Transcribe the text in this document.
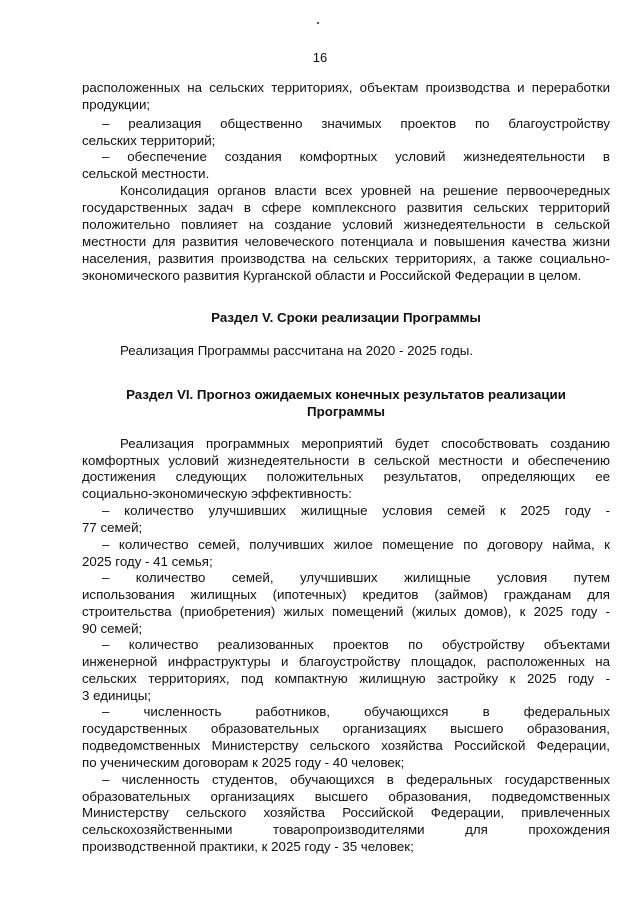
16

расположенных на сельских территориях, объектам производства и переработки

продукции;

– реализация общественно значимых проектов по благоустройству

сельских территорий;

– обеспечение создания комфортных условий жизнедеятельности в

сельской местности.

Консолидация органов власти всех уровней на решение первоочередных

государственных задач в сфере комплексного развития сельских территорий

положительно повлияет на создание условий жизнедеятельности в сельской

местности для развития человеческого потенциала и повышения качества жизни

населения, развития производства на сельских территориях, а также социально-

экономического развития Курганской области и Российской Федерации в целом.

Раздел V. Сроки реализации Программы

Реализация Программы рассчитана на 2020 - 2025 годы.

Раздел VI. Прогноз ожидаемых конечных результатов реализации

Программы

Реализация программных мероприятий будет способствовать созданию

комфортных условий жизнедеятельности в сельской местности и обеспечению

достижения следующих положительных результатов, определяющих ее

социально-экономическую эффективность:

– количество улучшивших жилищные условия семей к 2025 году -

77 семей;

– количество семей, получивших жилое помещение по договору найма, к

2025 году - 41 семья;

– количество семей, улучшивших жилищные условия путем

использования жилищных (ипотечных) кредитов (займов) гражданам для

строительства (приобретения) жилых помещений (жилых домов), к 2025 году -

90 семей;

– количество реализованных проектов по обустройству объектами

инженерной инфраструктуры и благоустройству площадок, расположенных на

сельских территориях, под компактную жилищную застройку к 2025 году -

3 единицы;

– численность работников, обучающихся в федеральных

государственных образовательных организациях высшего образования,

подведомственных Министерству сельского хозяйства Российской Федерации,

по ученическим договорам к 2025 году - 40 человек;

– численность студентов, обучающихся в федеральных государственных

образовательных организациях высшего образования, подведомственных

Министерству сельского хозяйства Российской Федерации, привлеченных

сельскохозяйственными товаропроизводителями для прохождения

производственной практики, к 2025 году - 35 человек;
